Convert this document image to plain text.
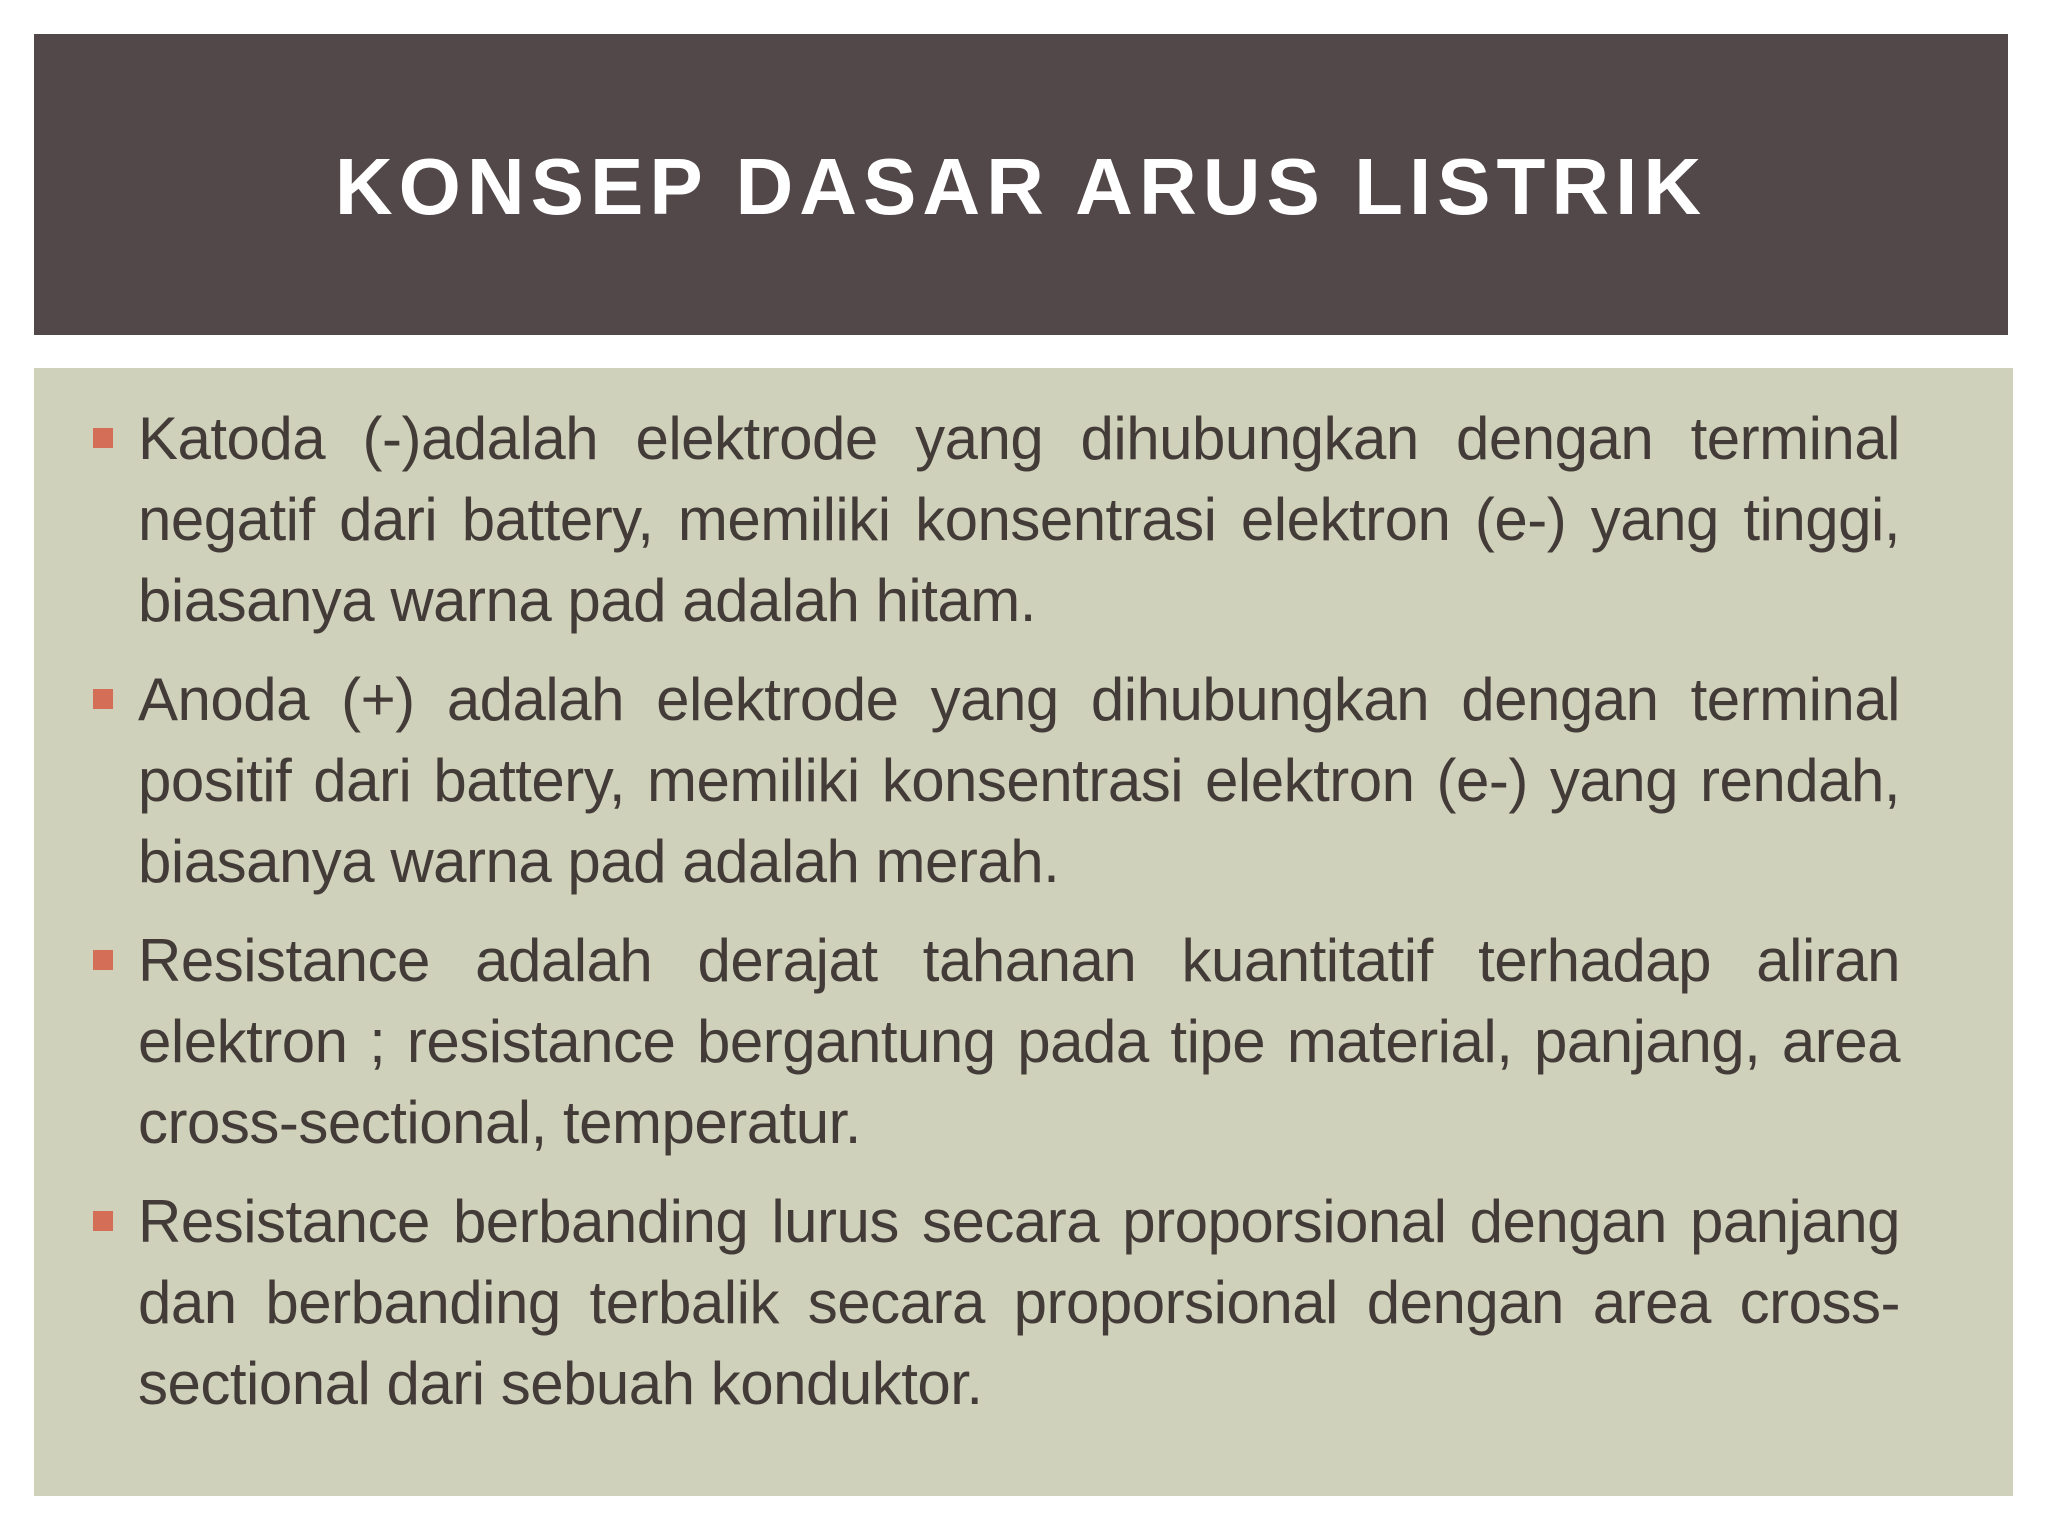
KONSEP DASAR ARUS LISTRIK
Katoda (-)adalah elektrode yang dihubungkan dengan terminal negatif dari battery, memiliki konsentrasi elektron (e-) yang tinggi, biasanya warna pad adalah hitam.
Anoda (+) adalah elektrode yang dihubungkan dengan terminal positif dari battery, memiliki konsentrasi elektron (e-) yang rendah, biasanya warna pad adalah merah.
Resistance adalah derajat tahanan kuantitatif terhadap aliran elektron ; resistance bergantung pada tipe material, panjang, area cross-sectional, temperatur.
Resistance berbanding lurus secara proporsional dengan panjang dan berbanding terbalik secara proporsional dengan area cross-sectional dari sebuah konduktor.
